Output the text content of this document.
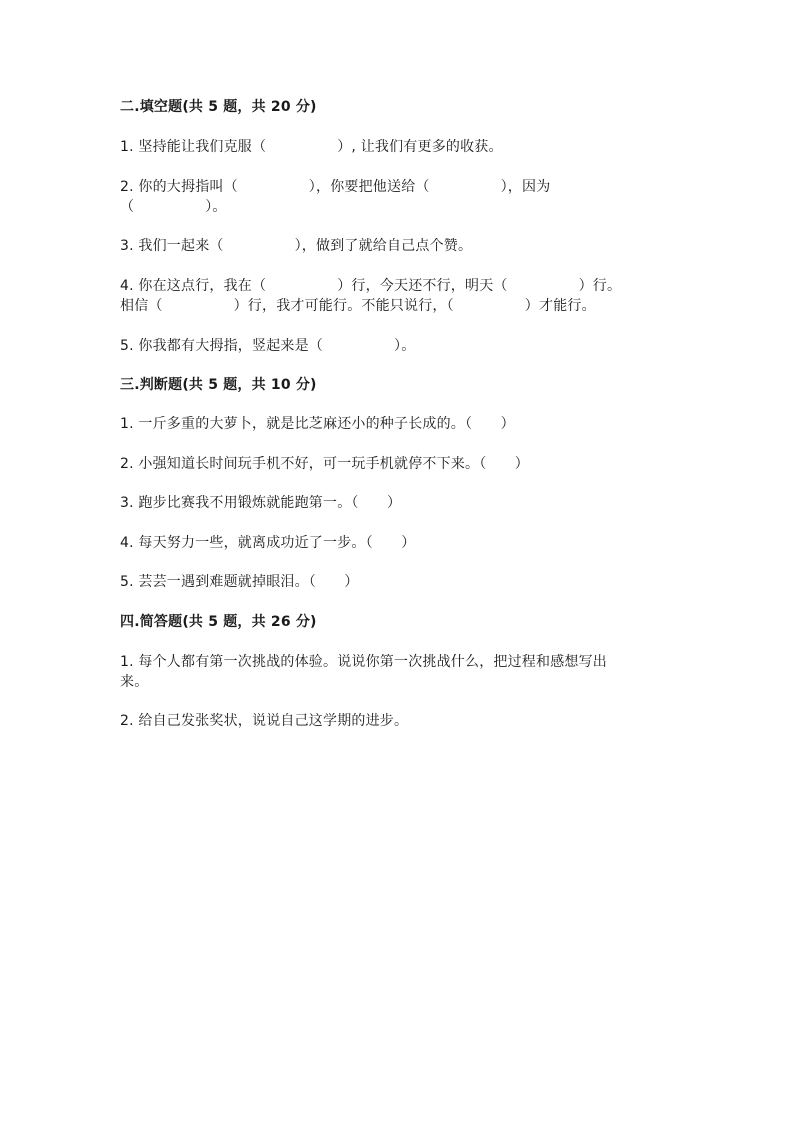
二.填空题(共 5 题，共 20 分)
1. 坚持能让我们克服（　　　　　）, 让我们有更多的收获。
2. 你的大拇指叫（　　　　　），你要把他送给（　　　　　），因为
（　　　　　）。
3. 我们一起来（　　　　　），做到了就给自己点个赞。
4. 你在这点行，我在（　　　　　）行，今天还不行，明天（　　　　　）行。
相信（　　　　　）行，我才可能行。不能只说行，（　　　　　）才能行。
5. 你我都有大拇指，竖起来是（　　　　　）。
三.判断题(共 5 题，共 10 分)
1. 一斤多重的大萝卜，就是比芝麻还小的种子长成的。（　　）
2. 小强知道长时间玩手机不好，可一玩手机就停不下来。（　　）
3. 跑步比赛我不用锻炼就能跑第一。（　　）
4. 每天努力一些，就离成功近了一步。（　　）
5. 芸芸一遇到难题就掉眼泪。（　　）
四.简答题(共 5 题，共 26 分)
1. 每个人都有第一次挑战的体验。说说你第一次挑战什么，把过程和感想写出
来。
2. 给自己发张奖状，说说自己这学期的进步。
